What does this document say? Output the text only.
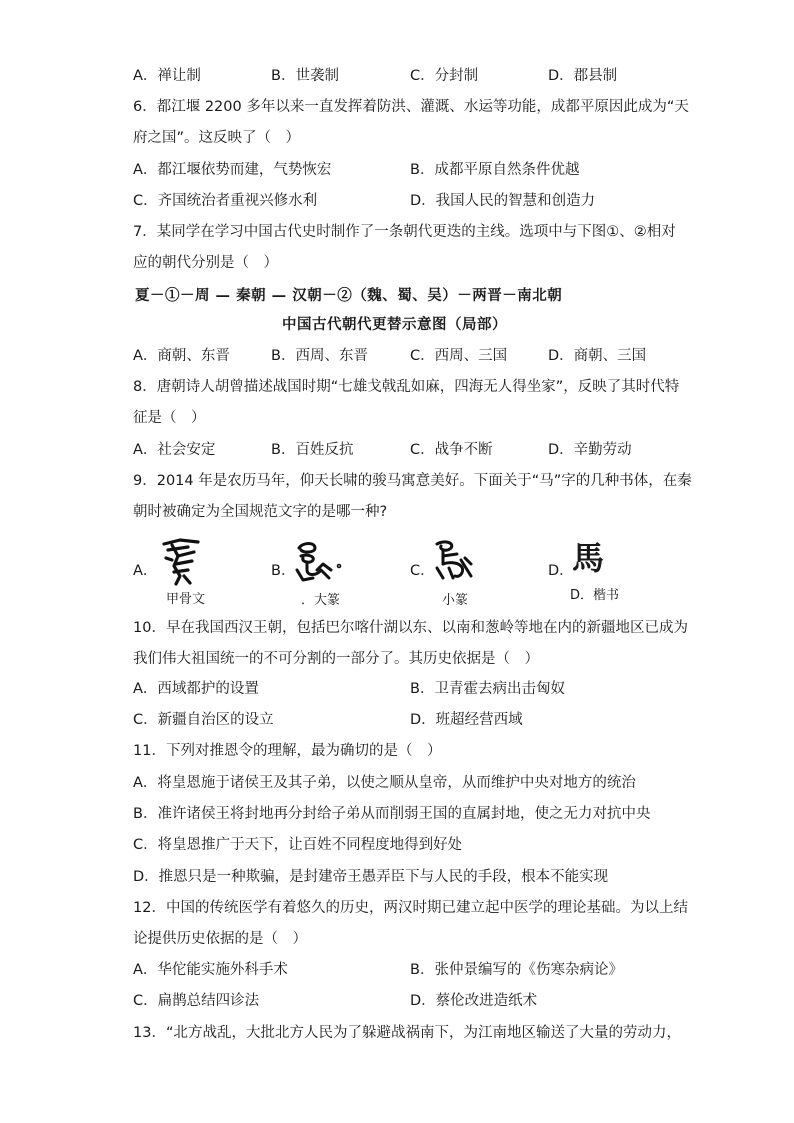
A．禅让制	B．世袭制	C．分封制	D．郡县制
6．都江堰 2200 多年以来一直发挥着防洪、灌溉、水运等功能，成都平原因此成为“天
府之国”。这反映了（　）
A．都江堰依势而建，气势恢宏	B．成都平原自然条件优越
C．齐国统治者重视兴修水利	D．我国人民的智慧和创造力
7．某同学在学习中国古代史时制作了一条朝代更迭的主线。选项中与下图①、②相对
应的朝代分别是（　）
夏－①－周 — 秦朝 — 汉朝－②（魏、蜀、吴）－两晋－南北朝
中国古代朝代更替示意图（局部）
A．商朝、东晋	B．西周、东晋	C．西周、三国	D．商朝、三国
8．唐朝诗人胡曾描述战国时期“七雄戈戟乱如麻，四海无人得坐家”，反映了其时代特
征是（　）
A．社会安定	B．百姓反抗	C．战争不断	D．辛勤劳动
9．2014 年是农历马年，仰天长啸的骏马寓意美好。下面关于“马”字的几种书体，在秦
朝时被确定为全国规范文字的是哪一种?
A．	B．	C．	D．
甲骨文	．大篆	小篆
馬
D．楷书
10．早在我国西汉王朝，包括巴尔喀什湖以东、以南和葱岭等地在内的新疆地区已成为
我们伟大祖国统一的不可分割的一部分了。其历史依据是（　）
A．西域都护的设置	B．卫青霍去病出击匈奴
C．新疆自治区的设立	D．班超经营西域
11．下列对推恩令的理解，最为确切的是（　）
A．将皇恩施于诸侯王及其子弟，以使之顺从皇帝，从而维护中央对地方的统治
B．准许诸侯王将封地再分封给子弟从而削弱王国的直属封地，使之无力对抗中央
C．将皇恩推广于天下，让百姓不同程度地得到好处
D．推恩只是一种欺骗，是封建帝王愚弄臣下与人民的手段，根本不能实现
12．中国的传统医学有着悠久的历史，两汉时期已建立起中医学的理论基础。为以上结
论提供历史依据的是（　）
A．华佗能实施外科手术	B．张仲景编写的《伤寒杂病论》
C．扁鹊总结四诊法	D．蔡伦改进造纸术
13．“北方战乱，大批北方人民为了躲避战祸南下，为江南地区输送了大量的劳动力，
